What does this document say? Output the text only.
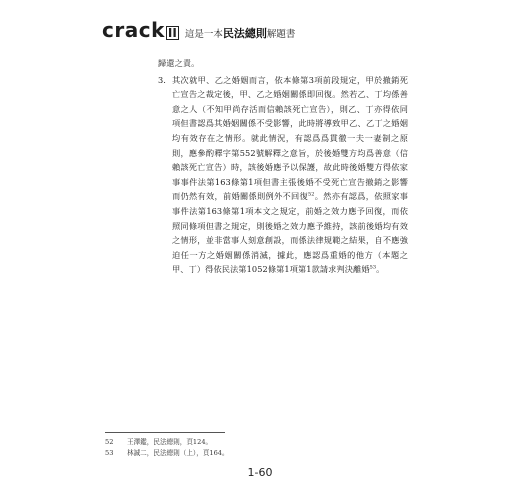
crack II 這是一本 民法總則 解題書
歸還之責。
3. 其次就甲、乙之婚姻而言，依本條第3項前段規定，甲於撤銷死亡宣告之裁定後，甲、乙之婚姻關係即回復。然若乙、丁均係善意之人（不知甲尚存活而信賴該死亡宣告），則乙、丁亦得依同項但書認爲其婚姻關係不受影響，此時將導致甲乙、乙丁之婚姻均有效存在之情形。就此情況，有認爲爲貫徹一夫一妻制之原則，應參酌釋字第552號解釋之意旨，於後婚雙方均爲善意（信賴該死亡宣告）時，該後婚應予以保護，故此時後婚雙方得依家事事件法第163條第1項但書主張後婚不受死亡宣告撤銷之影響而仍然有效，前婚關係則例外不回復$^{52}$。然亦有認爲，依照家事事件法第163條第1項本文之規定，前婚之效力應予回復，而依照同條項但書之規定，則後婚之效力應予維持，該前後婚均有效之情形，並非當事人刻意創設，而係法律規範之結果，自不應強迫任一方之婚姻關係消滅，據此，應認爲重婚的他方（本題之甲、丁）得依民法第1052條第1項第1款請求判決離婚$^{53}$。
52	王澤鑑，民法總則，頁124。
53	林誠二，民法總則（上），頁164。
1-60
